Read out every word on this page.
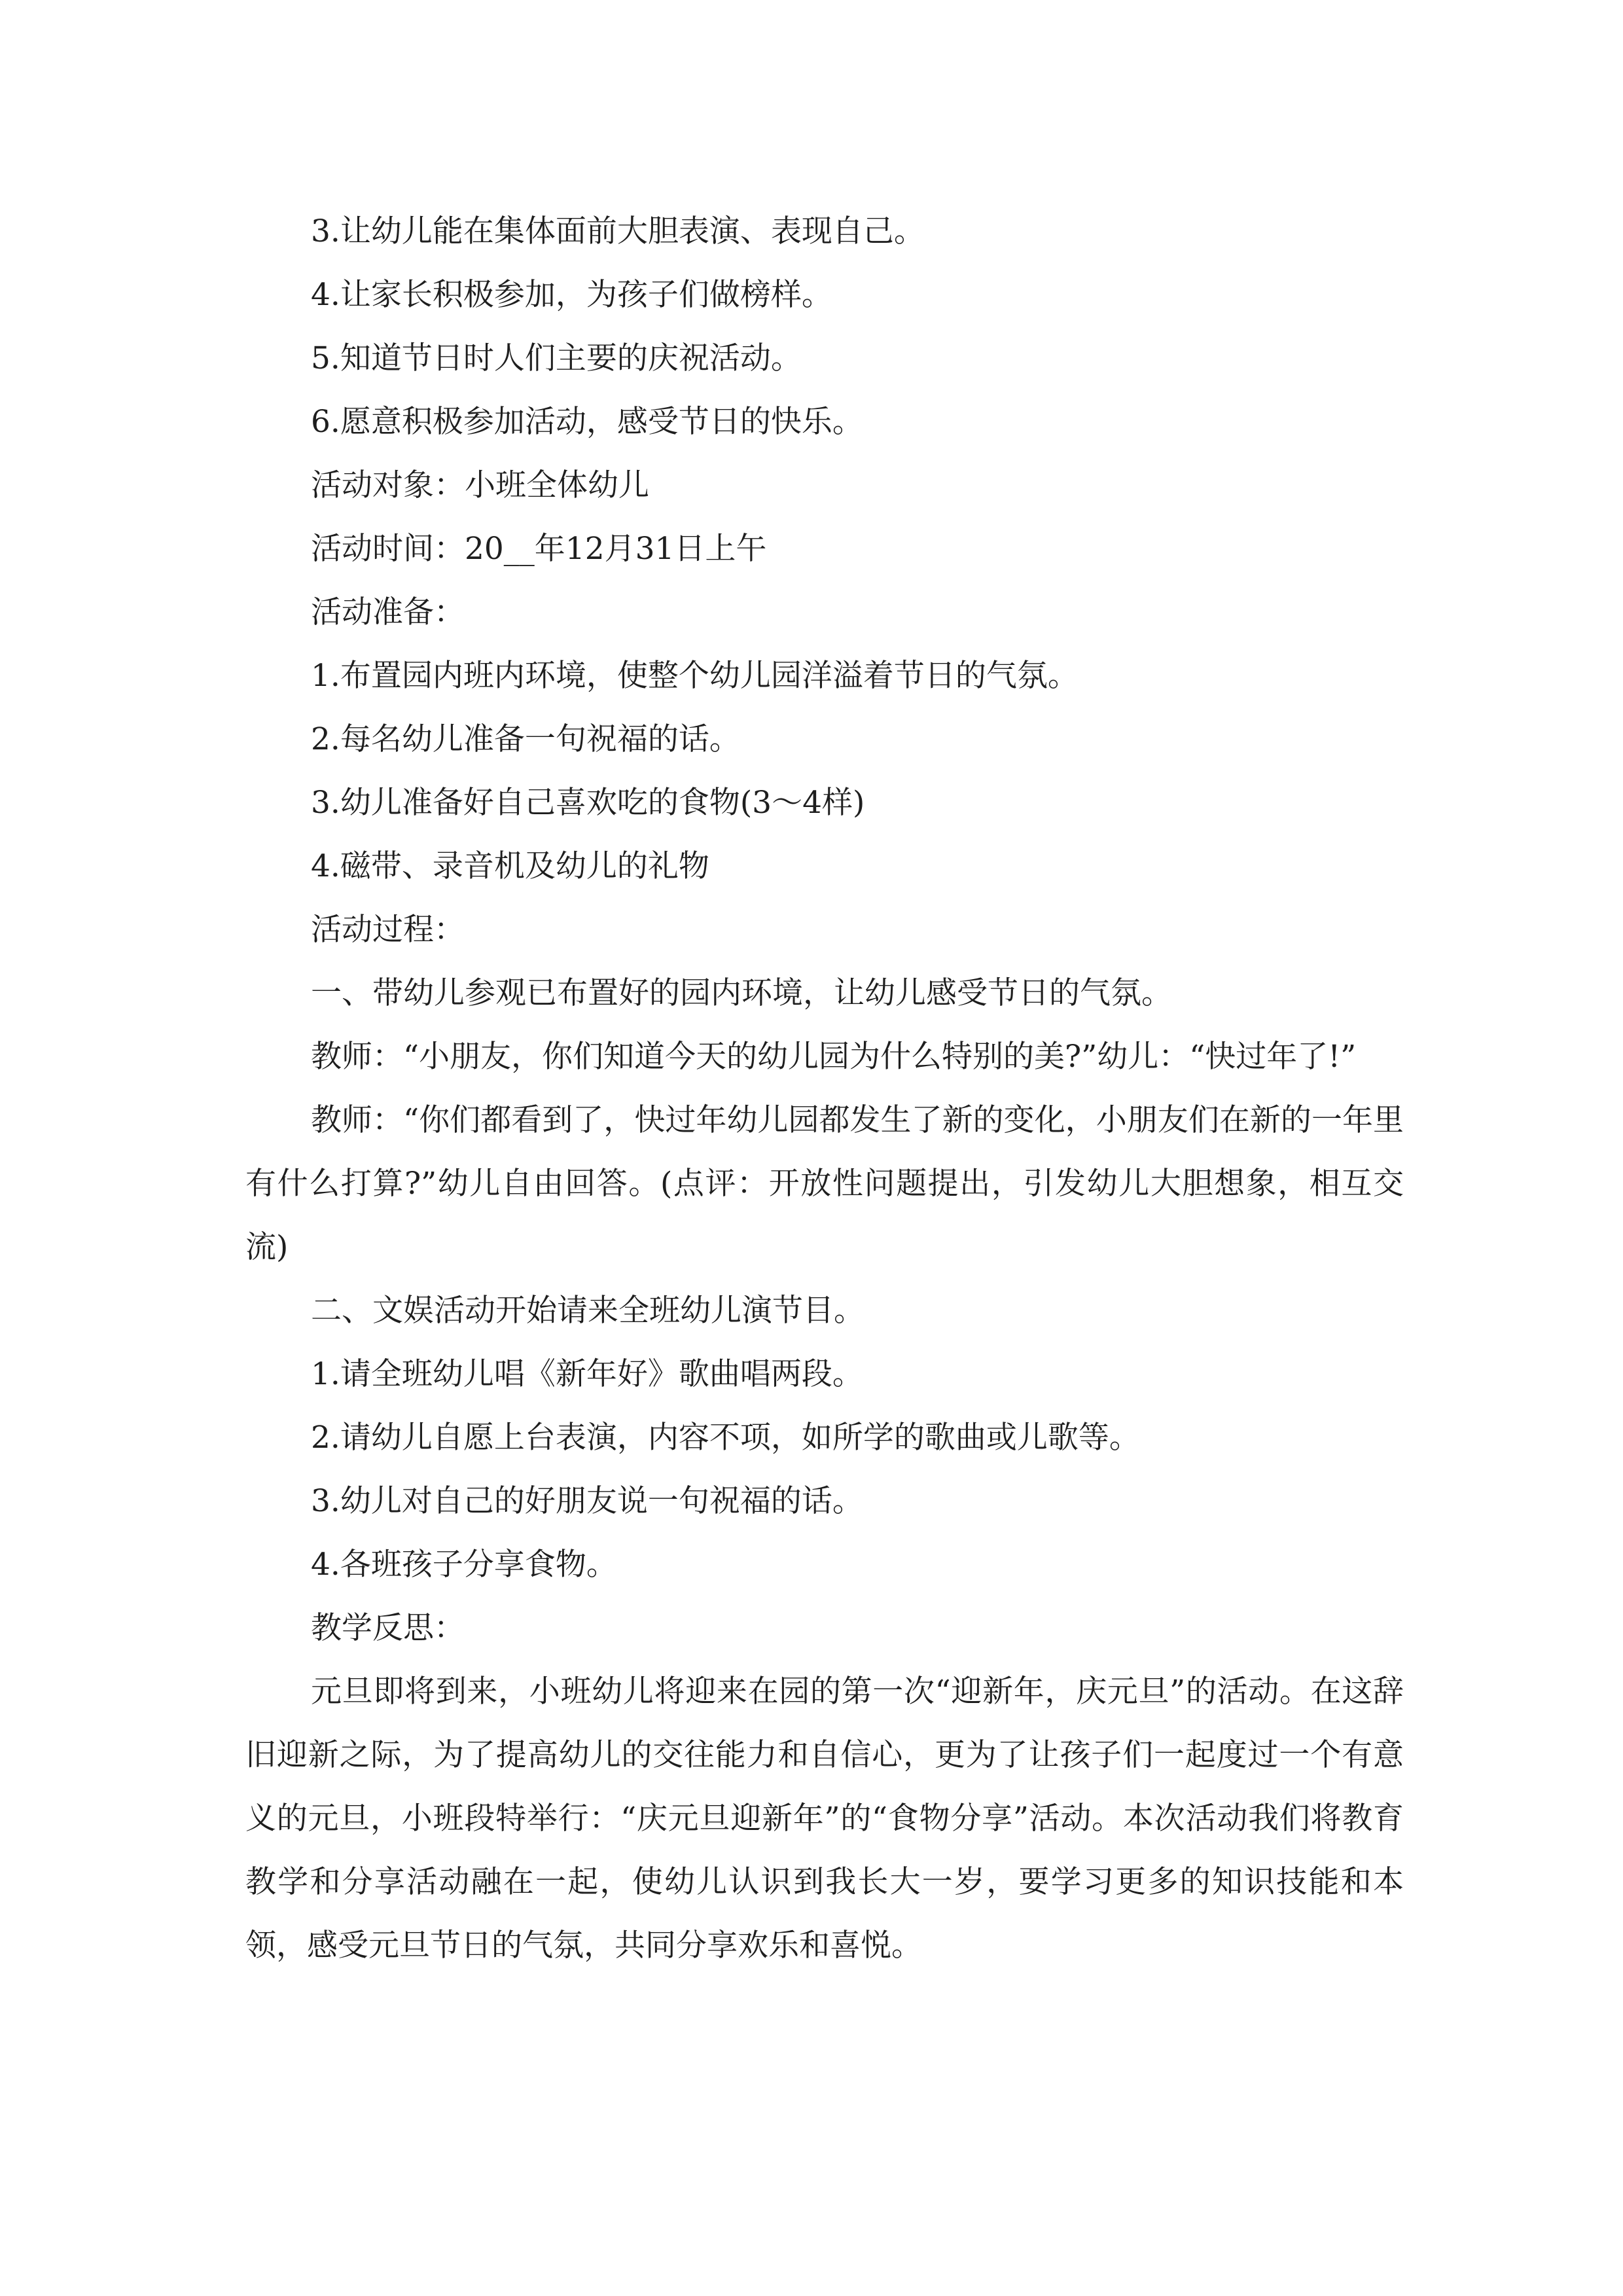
3.让幼儿能在集体面前大胆表演、表现自己。

4.让家长积极参加，为孩子们做榜样。

5.知道节日时人们主要的庆祝活动。

6.愿意积极参加活动，感受节日的快乐。

活动对象：小班全体幼儿

活动时间：20__年12月31日上午

活动准备：

1.布置园内班内环境，使整个幼儿园洋溢着节日的气氛。

2.每名幼儿准备一句祝福的话。

3.幼儿准备好自己喜欢吃的食物(3～4样)

4.磁带、录音机及幼儿的礼物

活动过程：

一、带幼儿参观已布置好的园内环境，让幼儿感受节日的气氛。

教师：“小朋友，你们知道今天的幼儿园为什么特别的美?”幼儿：“快过年了!”

教师：“你们都看到了，快过年幼儿园都发生了新的变化，小朋友们在新的一年里有什么打算?”幼儿自由回答。(点评：开放性问题提出，引发幼儿大胆想象，相互交流)

二、文娱活动开始请来全班幼儿演节目。

1.请全班幼儿唱《新年好》歌曲唱两段。

2.请幼儿自愿上台表演，内容不项，如所学的歌曲或儿歌等。

3.幼儿对自己的好朋友说一句祝福的话。

4.各班孩子分享食物。

教学反思：

元旦即将到来，小班幼儿将迎来在园的第一次“迎新年，庆元旦”的活动。在这辞旧迎新之际，为了提高幼儿的交往能力和自信心，更为了让孩子们一起度过一个有意义的元旦，小班段特举行：“庆元旦迎新年”的“食物分享”活动。本次活动我们将教育教学和分享活动融在一起，使幼儿认识到我长大一岁，要学习更多的知识技能和本领，感受元旦节日的气氛，共同分享欢乐和喜悦。
